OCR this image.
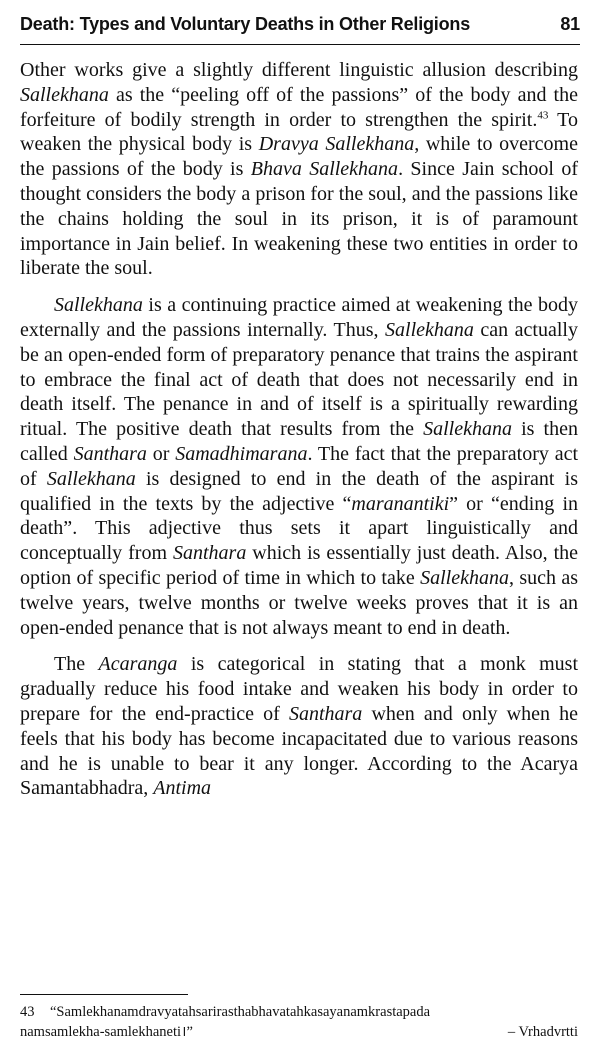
Death: Types and Voluntary Deaths in Other Religions	81

Other works give a slightly different linguistic allusion describing Sallekhana as the “peeling off of the passions” of the body and the forfeiture of bodily strength in order to strengthen the spirit.$^{43}$ To weaken the physical body is Dravya Sallekhana, while to overcome the passions of the body is Bhava Sallekhana. Since Jain school of thought considers the body a prison for the soul, and the passions like the chains holding the soul in its prison, it is of paramount importance in Jain belief. In weakening these two entities in order to liberate the soul.

Sallekhana is a continuing practice aimed at weakening the body externally and the passions internally. Thus, Sallekhana can actually be an open-ended form of preparatory penance that trains the aspirant to embrace the final act of death that does not necessarily end in death itself. The penance in and of itself is a spiritually rewarding ritual. The positive death that results from the Sallekhana is then called Santhara or Samadhimarana. The fact that the preparatory act of Sallekhana is designed to end in the death of the aspirant is qualified in the texts by the adjective “maranantiki” or “ending in death”. This adjective thus sets it apart linguistically and conceptually from Santhara which is essentially just death. Also, the option of specific period of time in which to take Sallekhana, such as twelve years, twelve months or twelve weeks proves that it is an open-ended penance that is not always meant to end in death.

The Acaranga is categorical in stating that a monk must gradually reduce his food intake and weaken his body in order to prepare for the end-practice of Santhara when and only when he feels that his body has become incapacitated due to various reasons and he is unable to bear it any longer. According to the Acarya Samantabhadra, Antima

43	“Samlekhanamdravyatahsarirasthabhavatahkasayanamkrastapada
namsamlekha-samlekhaneti।”	– Vrhadvrtti
